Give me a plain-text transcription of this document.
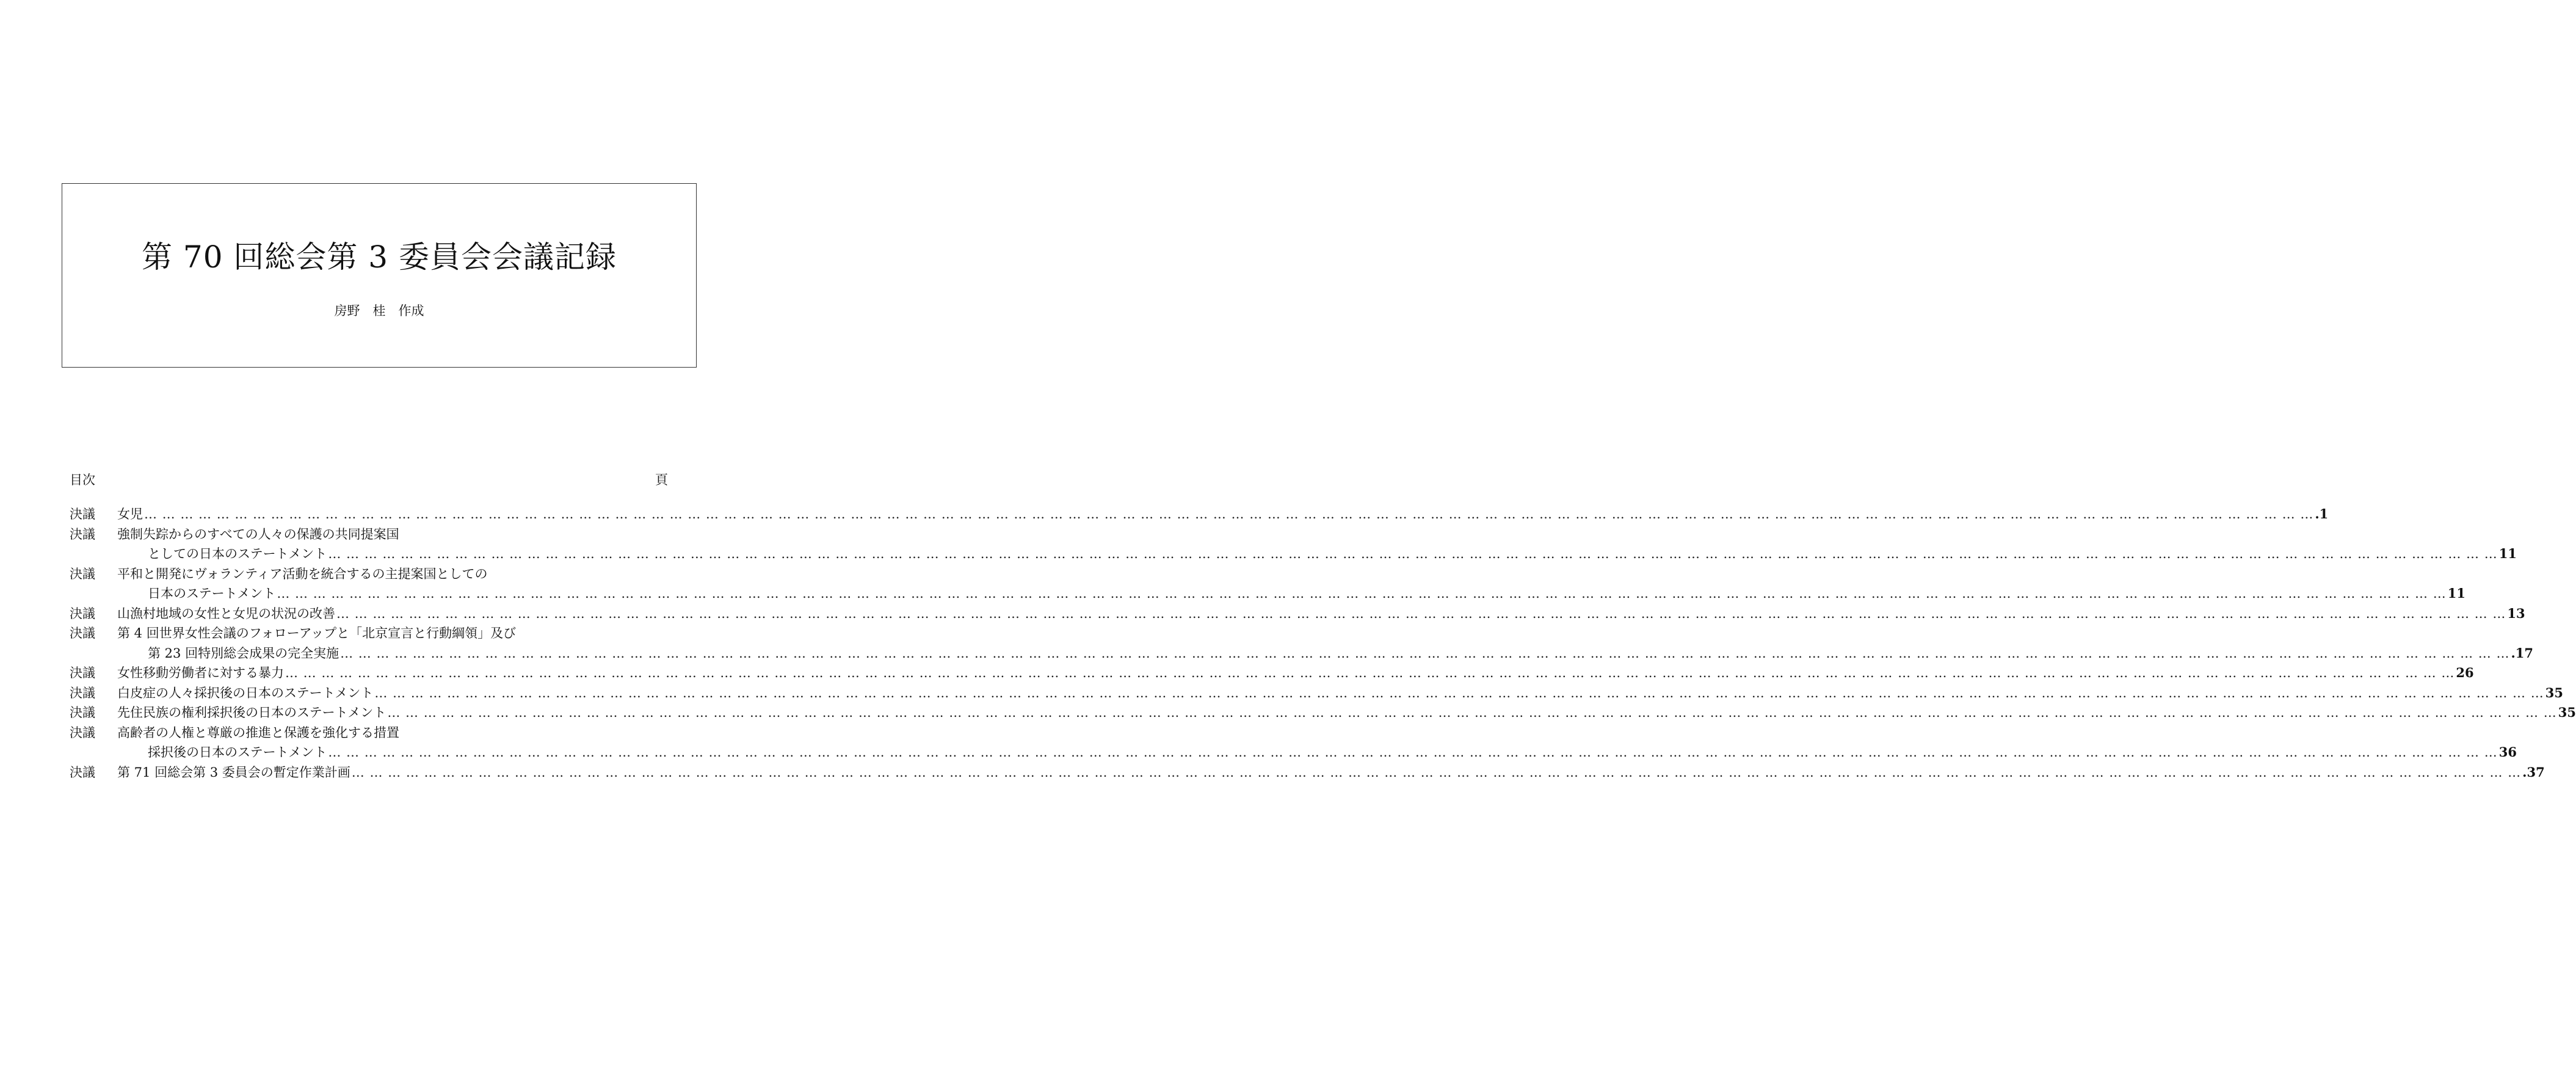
第 70 回総会第 3 委員会会議記録
房野　桂　作成
目次	頁
決議	女児 … … … … … … … … … … … … … … … … … … … … … … … … … … … … … … … … … … … … … … … … … … … … … … … … … … … … … … … … … … … … … … … … … … … … … … … … … … … … … … … … … … … … … … … … … … … … … … … … … … … … … … … … … … … … … … … … … … … … … … … … .1
決議	強制失踪からのすべての人々の保護の共同提案国
としての日本のステートメント … … … … … … … … … … … … … … … … … … … … … … … … … … … … … … … … … … … … … … … … … … … … … … … … … … … … … … … … … … … … … … … … … … … … … … … … … … … … … … … … … … … … … … … … … … … … … … … … … … … … … … … … … … … … … … … … … … … … … … … … 11
決議	平和と開発にヴォランティア活動を統合するの主提案国としての
日本のステートメント … … … … … … … … … … … … … … … … … … … … … … … … … … … … … … … … … … … … … … … … … … … … … … … … … … … … … … … … … … … … … … … … … … … … … … … … … … … … … … … … … … … … … … … … … … … … … … … … … … … … … … … … … … … … … … … … … … … … … … … … 11
決議	山漁村地域の女性と女児の状況の改善 … … … … … … … … … … … … … … … … … … … … … … … … … … … … … … … … … … … … … … … … … … … … … … … … … … … … … … … … … … … … … … … … … … … … … … … … … … … … … … … … … … … … … … … … … … … … … … … … … … … … … … … … … … … … … … … … … … … … … … … … 13
決議	第 4 回世界女性会議のフォローアップと「北京宣言と行動綱領」及び
第 23 回特別総会成果の完全実施 … … … … … … … … … … … … … … … … … … … … … … … … … … … … … … … … … … … … … … … … … … … … … … … … … … … … … … … … … … … … … … … … … … … … … … … … … … … … … … … … … … … … … … … … … … … … … … … … … … … … … … … … … … … … … … … … … … … … … … … … .17
決議	女性移動労働者に対する暴力 … … … … … … … … … … … … … … … … … … … … … … … … … … … … … … … … … … … … … … … … … … … … … … … … … … … … … … … … … … … … … … … … … … … … … … … … … … … … … … … … … … … … … … … … … … … … … … … … … … … … … … … … … … … … … … … … … … … … … … … … 26
決議	白皮症の人々採択後の日本のステートメント … … … … … … … … … … … … … … … … … … … … … … … … … … … … … … … … … … … … … … … … … … … … … … … … … … … … … … … … … … … … … … … … … … … … … … … … … … … … … … … … … … … … … … … … … … … … … … … … … … … … … … … … … … … … … … … … … … … … … … … … 35
決議	先住民族の権利採択後の日本のステートメント … … … … … … … … … … … … … … … … … … … … … … … … … … … … … … … … … … … … … … … … … … … … … … … … … … … … … … … … … … … … … … … … … … … … … … … … … … … … … … … … … … … … … … … … … … … … … … … … … … … … … … … … … … … … … … … … … … … … … … … … 35
決議	高齢者の人権と尊厳の推進と保護を強化する措置
採択後の日本のステートメント … … … … … … … … … … … … … … … … … … … … … … … … … … … … … … … … … … … … … … … … … … … … … … … … … … … … … … … … … … … … … … … … … … … … … … … … … … … … … … … … … … … … … … … … … … … … … … … … … … … … … … … … … … … … … … … … … … … … … … … … 36
決議	第 71 回総会第 3 委員会の暫定作業計画 … … … … … … … … … … … … … … … … … … … … … … … … … … … … … … … … … … … … … … … … … … … … … … … … … … … … … … … … … … … … … … … … … … … … … … … … … … … … … … … … … … … … … … … … … … … … … … … … … … … … … … … … … … … … … … … … … … … … … … … … .37
